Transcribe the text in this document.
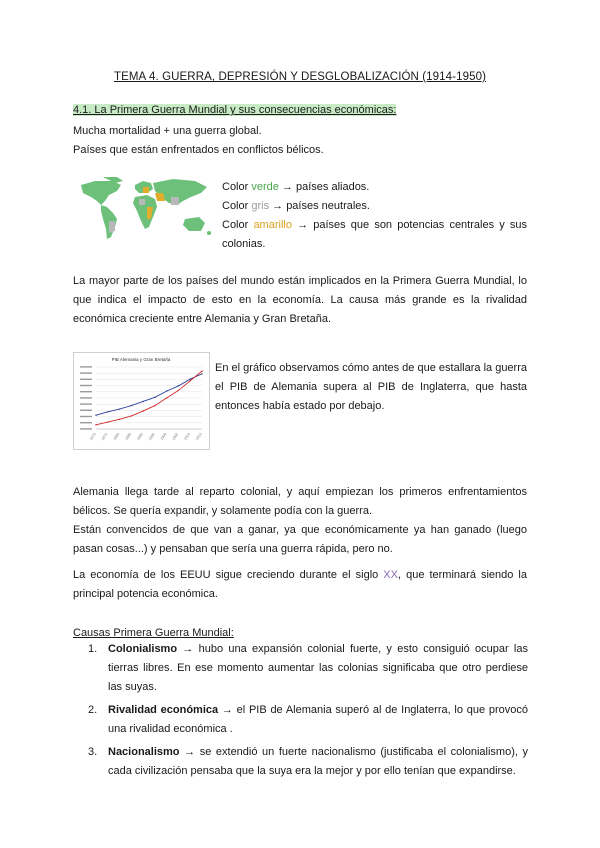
TEMA 4. GUERRA, DEPRESIÓN Y DESGLOBALIZACIÓN (1914-1950)
4.1. La Primera Guerra Mundial y sus consecuencias económicas:
Mucha mortalidad + una guerra global.
Países que están enfrentados en conflictos bélicos.

Color verde → países aliados.

Color gris → países neutrales.

Color amarillo → países que son potencias centrales y sus colonias.

La mayor parte de los países del mundo están implicados en la Primera Guerra Mundial, lo que indica el impacto de esto en la economía. La causa más grande es la rivalidad económica creciente entre Alemania y Gran Bretaña.
PIB Alemania y Gran Bretaña
1870 1875 1880 1885 1890 1895 1900 1905 1910 1913
En el gráfico observamos cómo antes de que estallara la guerra el PIB de Alemania supera al PIB de Inglaterra, que hasta entonces había estado por debajo.
Alemania llega tarde al reparto colonial, y aquí empiezan los primeros enfrentamientos bélicos. Se quería expandir, y solamente podía con la guerra.
Están convencidos de que van a ganar, ya que económicamente ya han ganado (luego pasan cosas...) y pensaban que sería una guerra rápida, pero no.
La economía de los EEUU sigue creciendo durante el siglo XX, que terminará siendo la principal potencia económica.
Causas Primera Guerra Mundial:
1. Colonialismo → hubo una expansión colonial fuerte, y esto consiguió ocupar las tierras libres. En ese momento aumentar las colonias significaba que otro perdiese las suyas.
2. Rivalidad económica → el PIB de Alemania superó al de Inglaterra, lo que provocó una rivalidad económica .
3. Nacionalismo → se extendió un fuerte nacionalismo (justificaba el colonialismo), y cada civilización pensaba que la suya era la mejor y por ello tenían que expandirse.
